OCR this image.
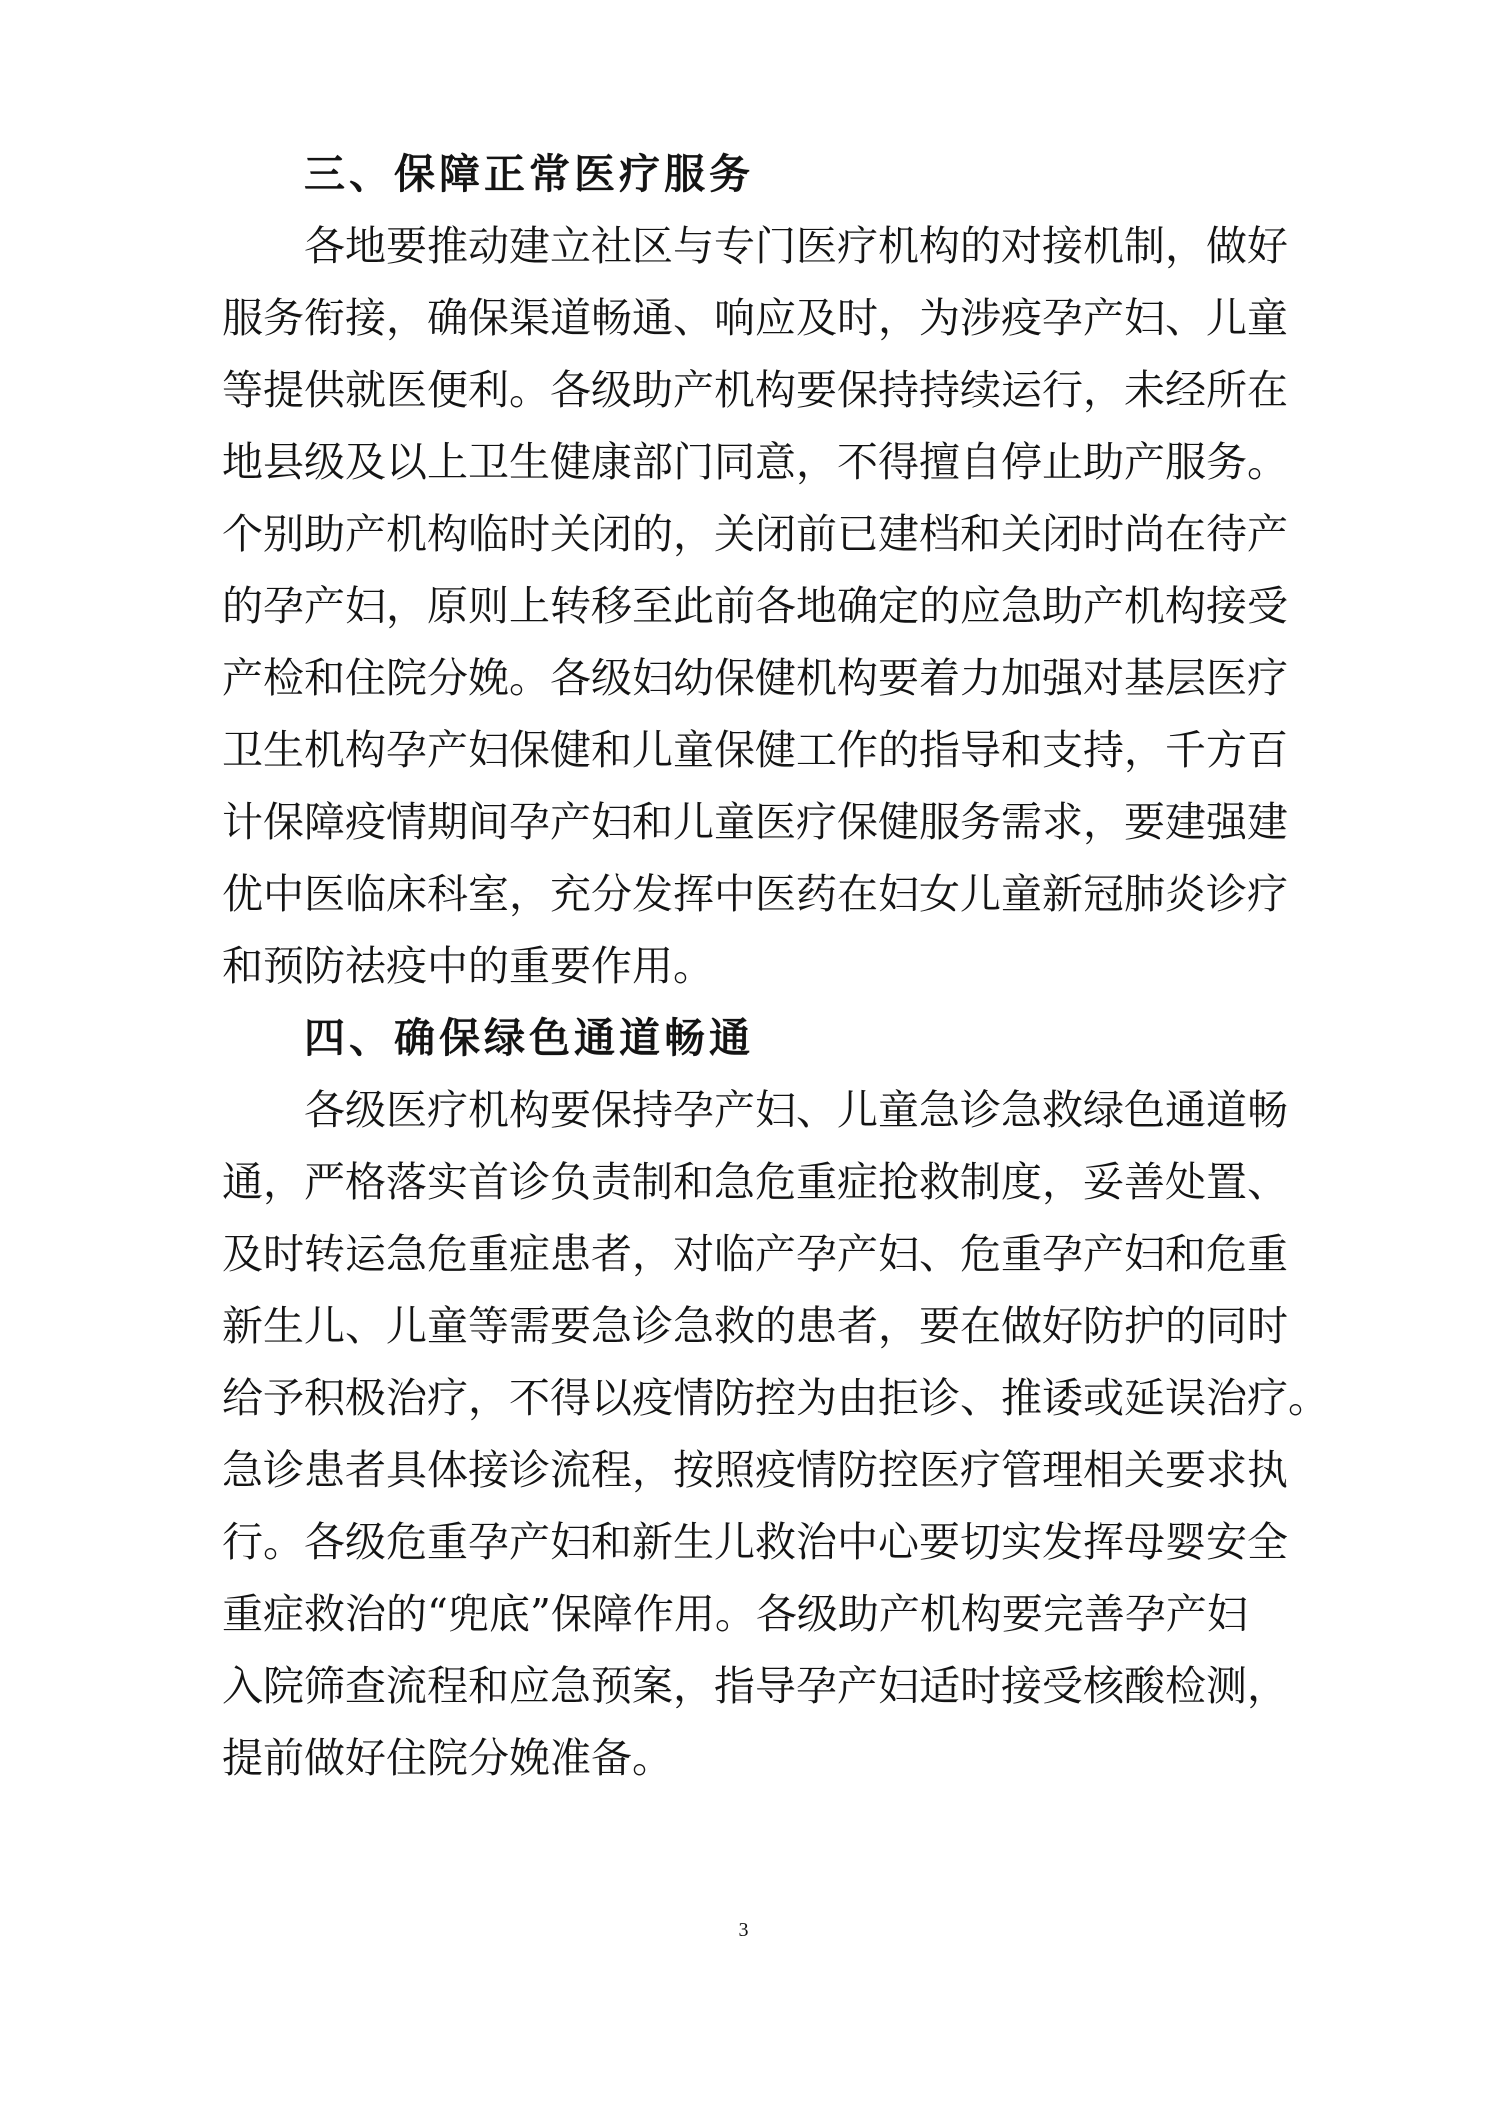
三、保障正常医疗服务

各地要推动建立社区与专门医疗机构的对接机制，做好

服务衔接，确保渠道畅通、响应及时，为涉疫孕产妇、儿童

等提供就医便利。各级助产机构要保持持续运行，未经所在

地县级及以上卫生健康部门同意，不得擅自停止助产服务。

个别助产机构临时关闭的，关闭前已建档和关闭时尚在待产

的孕产妇，原则上转移至此前各地确定的应急助产机构接受

产检和住院分娩。各级妇幼保健机构要着力加强对基层医疗

卫生机构孕产妇保健和儿童保健工作的指导和支持，千方百

计保障疫情期间孕产妇和儿童医疗保健服务需求，要建强建

优中医临床科室，充分发挥中医药在妇女儿童新冠肺炎诊疗

和预防祛疫中的重要作用。

四、确保绿色通道畅通

各级医疗机构要保持孕产妇、儿童急诊急救绿色通道畅

通，严格落实首诊负责制和急危重症抢救制度，妥善处置、

及时转运急危重症患者，对临产孕产妇、危重孕产妇和危重

新生儿、儿童等需要急诊急救的患者，要在做好防护的同时

给予积极治疗，不得以疫情防控为由拒诊、推诿或延误治疗。

急诊患者具体接诊流程，按照疫情防控医疗管理相关要求执

行。各级危重孕产妇和新生儿救治中心要切实发挥母婴安全

重症救治的“兜底”保障作用。各级助产机构要完善孕产妇

入院筛查流程和应急预案，指导孕产妇适时接受核酸检测，

提前做好住院分娩准备。

3
